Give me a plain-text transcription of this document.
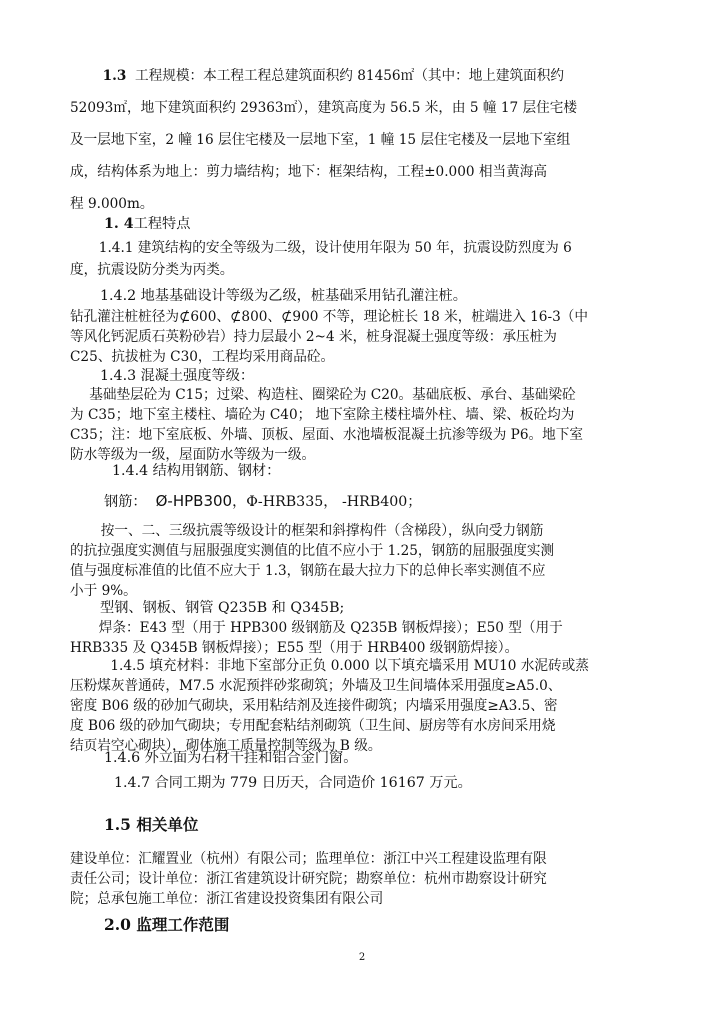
1.3 工程规模：本工程工程总建筑面积约 81456㎡（其中：地上建筑面积约
52093㎡，地下建筑面积约 29363㎡），建筑高度为 56.5 米，由 5 幢 17 层住宅楼
及一层地下室，2 幢 16 层住宅楼及一层地下室，1 幢 15 层住宅楼及一层地下室组
成，结构体系为地上：剪力墙结构；地下：框架结构，工程±0.000 相当黄海高
程 9.000m。
1. 4工程特点
1.4.1 建筑结构的安全等级为二级，设计使用年限为 50 年，抗震设防烈度为 6
度，抗震设防分类为丙类。
1.4.2 地基基础设计等级为乙级，桩基础采用钻孔灌注桩。
钻孔灌注桩桩径为⊄600、⊄800、⊄900 不等，理论桩长 18 米，桩端进入 16-3（中
等风化钙泥质石英粉砂岩）持力层最小 2~4 米，桩身混凝土强度等级：承压桩为
C25、抗拔桩为 C30，工程均采用商品砼。
1.4.3 混凝土强度等级：
基础垫层砼为 C15；过梁、构造柱、圈梁砼为 C20。基础底板、承台、基础梁砼
为 C35；地下室主楼柱、墙砼为 C40； 地下室除主楼柱墙外柱、墙、梁、板砼均为
C35；注：地下室底板、外墙、顶板、屋面、水池墙板混凝土抗渗等级为 P6。地下室
防水等级为一级，屋面防水等级为一级。
1.4.4 结构用钢筋、钢材：
钢筋： Ø-HPB300，Φ-HRB335， -HRB400；
按一、二、三级抗震等级设计的框架和斜撑构件（含梯段），纵向受力钢筋
的抗拉强度实测值与屈服强度实测值的比值不应小于 1.25，钢筋的屈服强度实测
值与强度标准值的比值不应大于 1.3，钢筋在最大拉力下的总伸长率实测值不应
小于 9%。
型钢、钢板、钢管 Q235B 和 Q345B;
焊条：E43 型（用于 HPB300 级钢筋及 Q235B 钢板焊接）；E50 型（用于
HRB335 及 Q345B 钢板焊接）；E55 型（用于 HRB400 级钢筋焊接）。
1.4.5 填充材料：非地下室部分正负 0.000 以下填充墙采用 MU10 水泥砖或蒸
压粉煤灰普通砖，M7.5 水泥预拌砂浆砌筑；外墙及卫生间墙体采用强度≥A5.0、
密度 B06 级的砂加气砌块，采用粘结剂及连接件砌筑；内墙采用强度≥A3.5、密
度 B06 级的砂加气砌块；专用配套粘结剂砌筑（卫生间、厨房等有水房间采用烧
结页岩空心砌块），砌体施工质量控制等级为 B 级。
1.4.6 外立面为石材干挂和铝合金门窗。
1.4.7 合同工期为 779 日历天，合同造价 16167 万元。
1.5 相关单位
建设单位：汇耀置业（杭州）有限公司；监理单位：浙江中兴工程建设监理有限
责任公司；设计单位：浙江省建筑设计研究院；勘察单位：杭州市勘察设计研究
院；总承包施工单位：浙江省建设投资集团有限公司
2.0 监理工作范围
2
